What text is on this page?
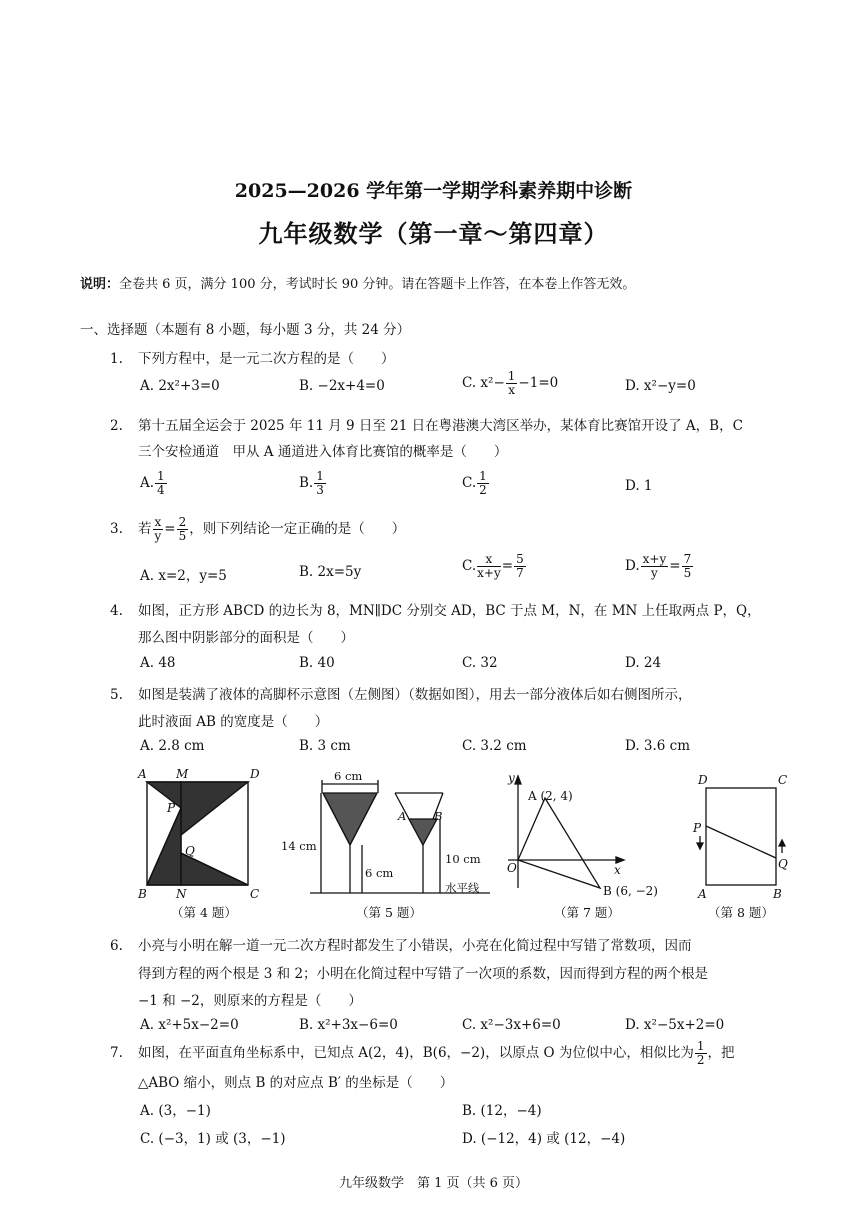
2025—2026 学年第一学期学科素养期中诊断
九年级数学（第一章～第四章）
说明：全卷共 6 页，满分 100 分，考试时长 90 分钟。请在答题卡上作答，在本卷上作答无效。
一、选择题（本题有 8 小题，每小题 3 分，共 24 分）
1. 下列方程中，是一元二次方程的是（　　）
A. 2x²+3=0	B. −2x+4=0	C. $x^2- \frac{1}{x} -1=0$	D. x²−y=0
2. 第十五届全运会于 2025 年 11 月 9 日至 21 日在粤港澳大湾区举办，某体育比赛馆开设了 A，B，C
三个安检通道　甲从 A 通道进入体育比赛馆的概率是（　　）
A. $\frac{1}{4}$	B. $\frac{1}{3}$	C. $\frac{1}{2}$	D. 1
3. 若 $\frac{x}{y} = \frac{2}{5}$ ，则下列结论一定正确的是（　　）
A. x=2，y=5	B. 2x=5y	C. $\frac{x}{x+y} = \frac{5}{7}$	D. $\frac{x+y}{y} = \frac{7}{5}$
4. 如图，正方形 ABCD 的边长为 8，MN∥DC 分别交 AD，BC 于点 M，N，在 MN 上任取两点 P，Q，
那么图中阴影部分的面积是（　　）
A. 48	B. 40	C. 32	D. 24
5. 如图是装满了液体的高脚杯示意图（左侧图）（数据如图），用去一部分液体后如右侧图所示，
此时液面 AB 的宽度是（　　）
A. 2.8 cm	B. 3 cm	C. 3.2 cm	D. 3.6 cm
A M	D
P
Q
B N	C
（第 4 题）
6 cm
14 cm
6 cm
10 cm
水平线
A B
（第 5 题）
y
x
O
A (2, 4)
B (6, −2)
（第 7 题）
D	C
P
Q
A	B
（第 8 题）
6. 小亮与小明在解一道一元二次方程时都发生了小错误，小亮在化简过程中写错了常数项，因而
得到方程的两个根是 3 和 2；小明在化简过程中写错了一次项的系数，因而得到方程的两个根是
−1 和 −2，则原来的方程是（　　）
A. x²+5x−2=0	B. x²+3x−6=0	C. x²−3x+6=0	D. x²−5x+2=0
7. 如图，在平面直角坐标系中，已知点 A(2，4)，B(6，−2)，以原点 O 为位似中心，相似比为 $\frac{1}{2}$ ，把
△ABO 缩小，则点 B 的对应点 B′ 的坐标是（　　）
A. (3，−1)	B. (12，−4)
C. (−3，1) 或 (3，−1)	D. (−12，4) 或 (12，−4)
九年级数学　第 1 页（共 6 页）
